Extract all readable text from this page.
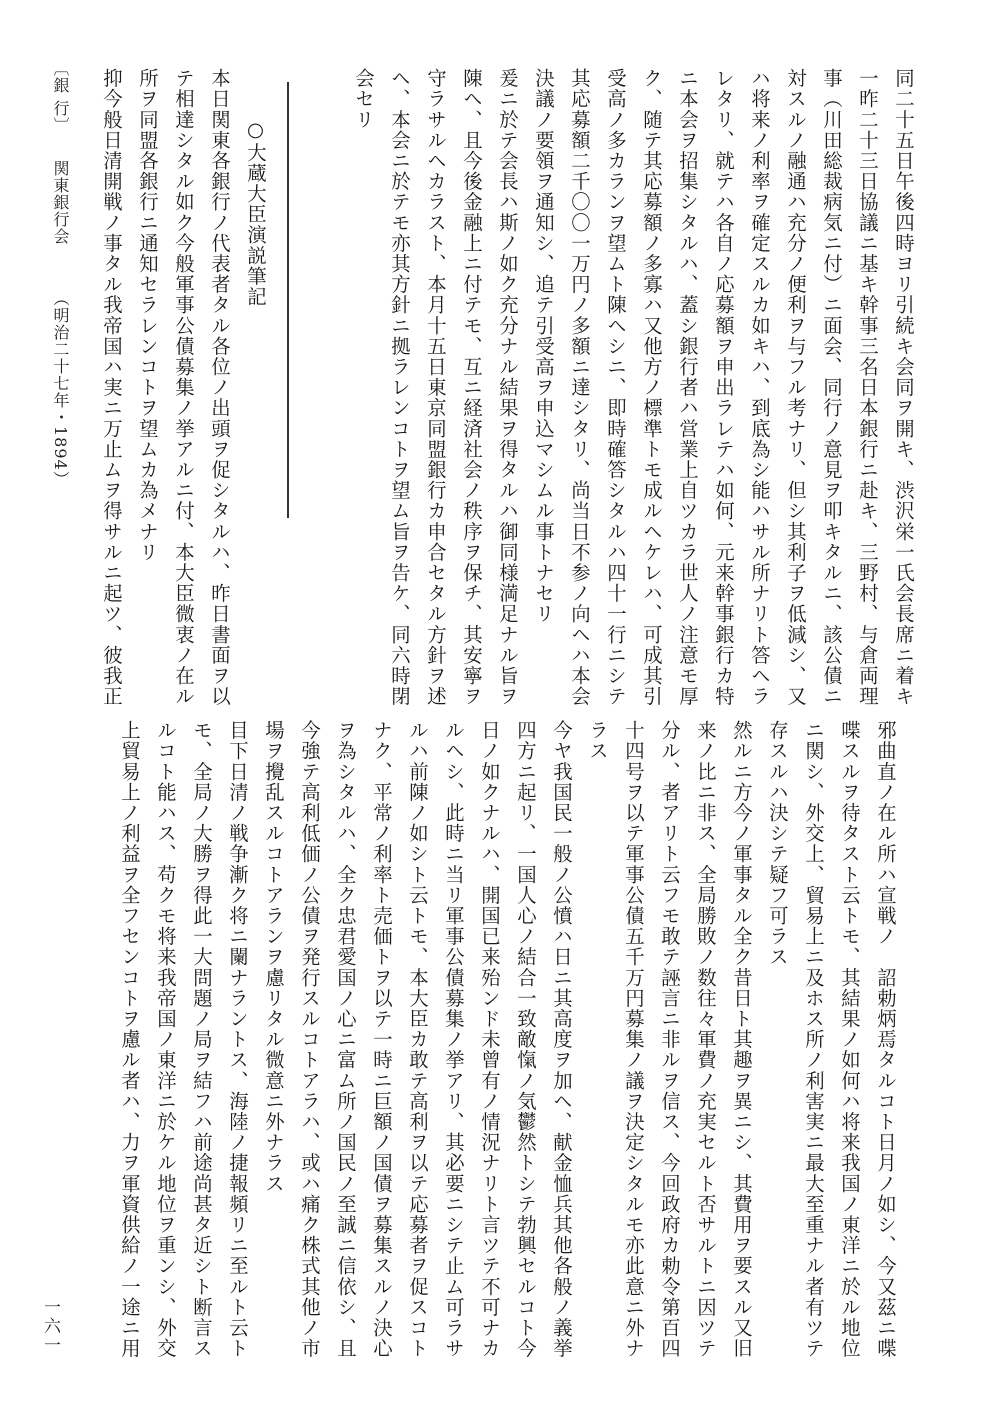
同二十五日午後四時ヨリ引続キ会同ヲ開キ、渋沢栄一氏会長席ニ着キ
一昨二十三日協議ニ基キ幹事三名日本銀行ニ赴キ、三野村、与倉両理
事（川田総裁病気ニ付）ニ面会、同行ノ意見ヲ叩キタルニ、該公債ニ
対スルノ融通ハ充分ノ便利ヲ与フル考ナリ、但シ其利子ヲ低減シ、又
ハ将来ノ利率ヲ確定スルカ如キハ、到底為シ能ハサル所ナリト答ヘラ
レタリ、就テハ各自ノ応募額ヲ申出ラレテハ如何、元来幹事銀行カ特
ニ本会ヲ招集シタルハ、蓋シ銀行者ハ営業上自ツカラ世人ノ注意モ厚
ク、随テ其応募額ノ多寡ハ又他方ノ標準トモ成ルヘケレハ、可成其引
受高ノ多カランヲ望ムト陳ヘシニ、即時確答シタルハ四十一行ニシテ
其応募額二千〇〇一万円ノ多額ニ達シタリ、尚当日不参ノ向ヘハ本会
決議ノ要領ヲ通知シ、追テ引受高ヲ申込マシムル事トナセリ
爰ニ於テ会長ハ斯ノ如ク充分ナル結果ヲ得タルハ御同様満足ナル旨ヲ
陳ヘ、且今後金融上ニ付テモ、互ニ経済社会ノ秩序ヲ保チ、其安寧ヲ
守ラサルヘカラスト、本月十五日東京同盟銀行カ申合セタル方針ヲ述
ヘ、本会ニ於テモ亦其方針ニ拠ラレンコトヲ望ム旨ヲ告ケ、同六時閉
会セリ
○大蔵大臣演説筆記
本日関東各銀行ノ代表者タル各位ノ出頭ヲ促シタルハ、昨日書面ヲ以
テ相達シタル如ク今般軍事公債募集ノ挙アルニ付、本大臣微衷ノ在ル
所ヲ同盟各銀行ニ通知セラレンコトヲ望ムカ為メナリ
抑今般日清開戦ノ事タル我帝国ハ実ニ万止ムヲ得サルニ起ツ、彼我正
邪曲直ノ在ル所ハ宣戦ノ　詔勅炳焉タルコト日月ノ如シ、今又茲ニ喋
喋スルヲ待タスト云トモ、其結果ノ如何ハ将来我国ノ東洋ニ於ル地位
ニ関シ、外交上、貿易上ニ及ホス所ノ利害実ニ最大至重ナル者有ツテ
存スルハ決シテ疑フ可ラス
然ルニ方今ノ軍事タル全ク昔日ト其趣ヲ異ニシ、其費用ヲ要スル又旧
来ノ比ニ非ス、全局勝敗ノ数往々軍費ノ充実セルト否サルトニ因ツテ
分ル、者アリト云フモ敢テ誣言ニ非ルヲ信ス、今回政府カ勅令第百四
十四号ヲ以テ軍事公債五千万円募集ノ議ヲ決定シタルモ亦此意ニ外ナ
ラス
今ヤ我国民一般ノ公憤ハ日ニ其高度ヲ加ヘ、献金恤兵其他各般ノ義挙
四方ニ起リ、一国人心ノ結合一致敵愾ノ気鬱然トシテ勃興セルコト今
日ノ如クナルハ、開国已来殆ンド未曾有ノ情況ナリト言ツテ不可ナカ
ルヘシ、此時ニ当リ軍事公債募集ノ挙アリ、其必要ニシテ止ム可ラサ
ルハ前陳ノ如シト云トモ、本大臣カ敢テ高利ヲ以テ応募者ヲ促スコト
ナク、平常ノ利率ト売価トヲ以テ一時ニ巨額ノ国債ヲ募集スルノ決心
ヲ為シタルハ、全ク忠君愛国ノ心ニ富ム所ノ国民ノ至誠ニ信依シ、且
今強テ高利低価ノ公債ヲ発行スルコトアラハ、或ハ痛ク株式其他ノ市
場ヲ攪乱スルコトアランヲ慮リタル微意ニ外ナラス
目下日清ノ戦争漸ク将ニ闌ナラントス、海陸ノ捷報頻リニ至ルト云ト
モ、全局ノ大勝ヲ得此一大問題ノ局ヲ結フハ前途尚甚タ近シト断言ス
ルコト能ハス、苟クモ将来我帝国ノ東洋ニ於ケル地位ヲ重ンシ、外交
上貿易上ノ利益ヲ全フセンコトヲ慮ル者ハ、力ヲ軍資供給ノ一途ニ用
〔銀 行〕
関東銀行会
（明治二十七年・1894）
一六一
